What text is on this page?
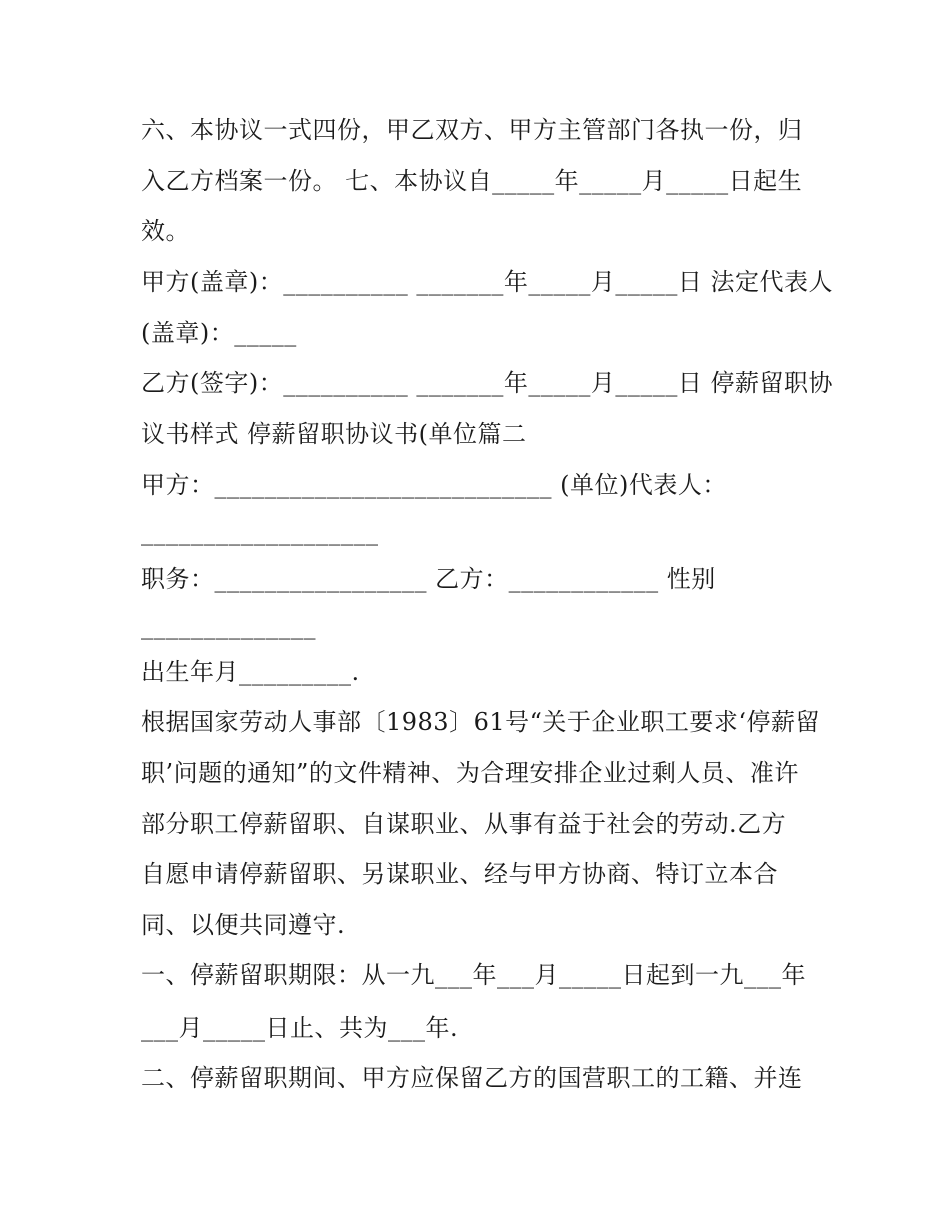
六、本协议一式四份，甲乙双方、甲方主管部门各执一份，归
入乙方档案一份。 七、本协议自_____年_____月_____日起生
效。
甲方(盖章)：__________ _______年_____月_____日 法定代表人
(盖章)：_____
乙方(签字)：__________ _______年_____月_____日 停薪留职协
议书样式 停薪留职协议书(单位篇二
甲方：___________________________ (单位)代表人：
___________________
职务：_________________ 乙方：____________ 性别
______________
出生年月_________.
根据国家劳动人事部〔1983〕61号“关于企业职工要求‘停薪留
职’问题的通知”的文件精神、为合理安排企业过剩人员、准许
部分职工停薪留职、自谋职业、从事有益于社会的劳动.乙方
自愿申请停薪留职、另谋职业、经与甲方协商、特订立本合
同、以便共同遵守.
一、停薪留职期限：从一九___年___月_____日起到一九___年
___月_____日止、共为___年.
二、停薪留职期间、甲方应保留乙方的国营职工的工籍、并连
